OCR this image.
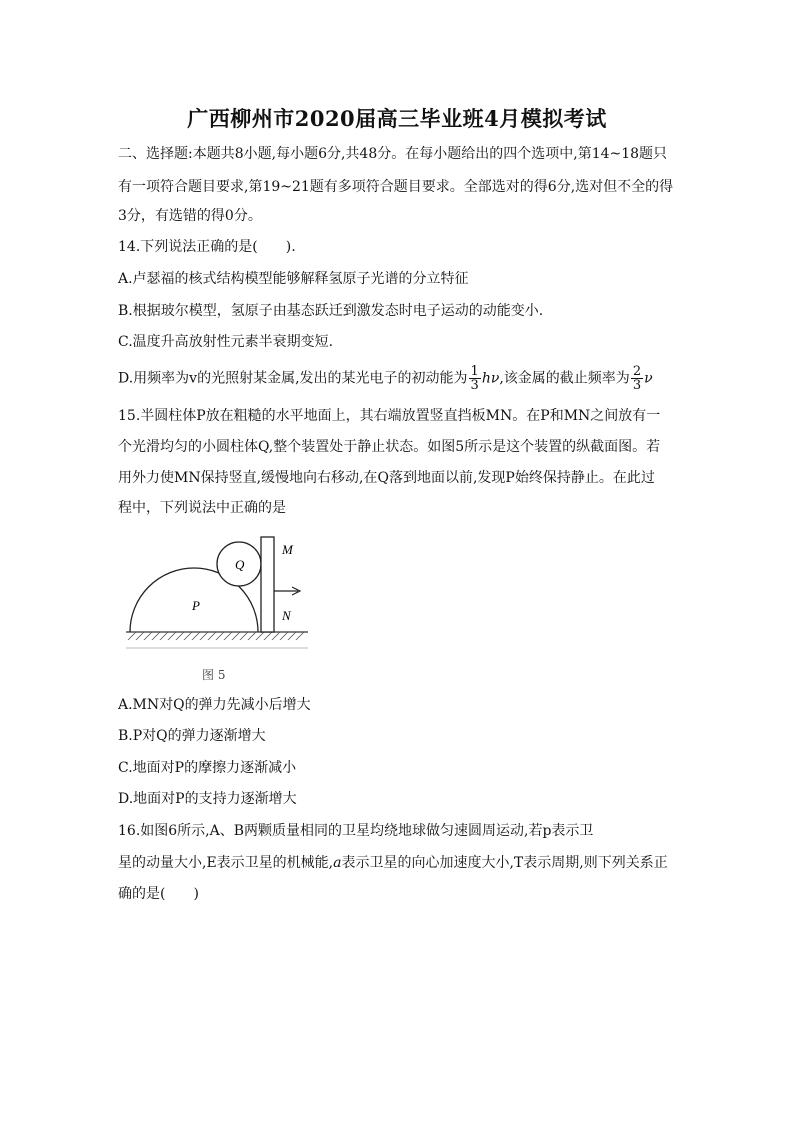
广西柳州市2020届高三毕业班4月模拟考试
二、选择题:本题共8小题,每小题6分,共48分。在每小题给出的四个选项中,第14~18题只
有一项符合题目要求,第19~21题有多项符合题目要求。全部选对的得6分,选对但不全的得
3分，有选错的得0分。
14.下列说法正确的是(　　).
A.卢瑟福的核式结构模型能够解释氢原子光谱的分立特征
B.根据玻尔模型，氢原子由基态跃迁到激发态时电子运动的动能变小.
C.温度升高放射性元素半衰期变短.
D.用频率为v的光照射某金属,发出的某光电子的初动能为 $\frac{1}{3} h\nu$,该金属的截止频率为 $\frac{2}{3}$ ν
15.半圆柱体P放在粗糙的水平地面上，其右端放置竖直挡板MN。在P和MN之间放有一
个光滑均匀的小圆柱体Q,整个装置处于静止状态。如图5所示是这个装置的纵截面图。若
用外力使MN保持竖直,缓慢地向右移动,在Q落到地面以前,发现P始终保持静止。在此过
程中，下列说法中正确的是
Q
P
M
N
图 5
A.MN对Q的弹力先减小后增大
B.P对Q的弹力逐渐增大
C.地面对P的摩擦力逐渐减小
D.地面对P的支持力逐渐增大
16.如图6所示,A、B两颗质量相同的卫星均绕地球做匀速圆周运动,若p表示卫
星的动量大小,E表示卫星的机械能,a表示卫星的向心加速度大小,T表示周期,则下列关系正
确的是(　　)
